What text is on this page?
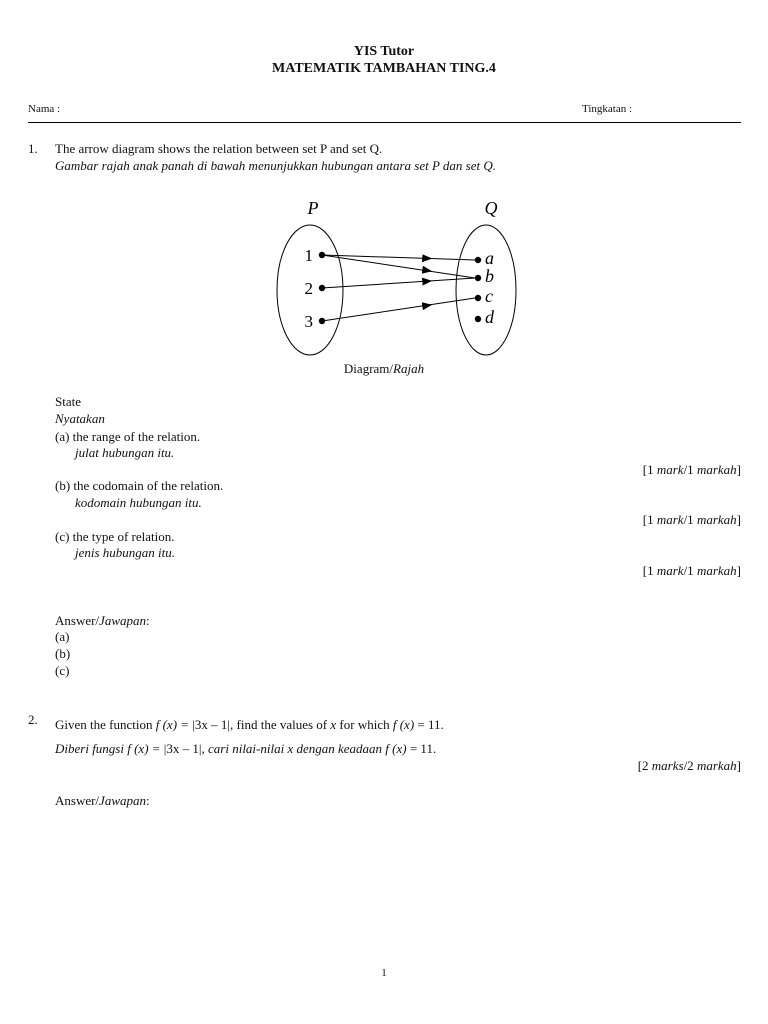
YIS Tutor
MATEMATIK TAMBAHAN TING.4
Nama :	Tingkatan :
1. The arrow diagram shows the relation between set P and set Q.
Gambar rajah anak panah di bawah menunjukkan hubungan antara set P dan set Q.
P	Q
1
2
3
a
b
c
d
Diagram/Rajah
State
Nyatakan
(a) the range of the relation.
julat hubungan itu.
[1 mark/1 markah]
(b) the codomain of the relation.
kodomain hubungan itu.
[1 mark/1 markah]
(c) the type of relation.
jenis hubungan itu.
[1 mark/1 markah]
Answer/Jawapan:
(a)
(b)
(c)
2. Given the function f (x) = |3x – 1|, find the values of x for which f (x) = 11.
Diberi fungsi f (x) = |3x – 1|, cari nilai-nilai x dengan keadaan f (x) = 11.
[2 marks/2 markah]
Answer/Jawapan:
1
